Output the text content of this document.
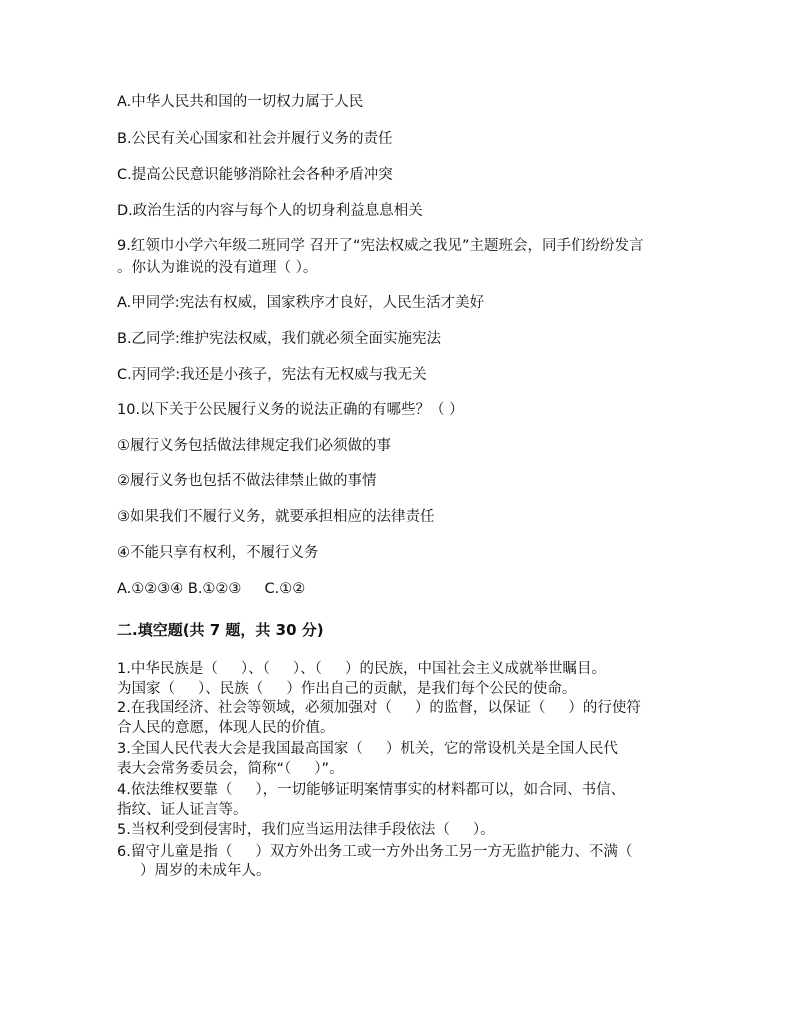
A.中华人民共和国的一切权力属于人民
B.公民有关心国家和社会并履行义务的责任
C.提高公民意识能够消除社会各种矛盾冲突
D.政治生活的内容与每个人的切身利益息息相关
9.红领巾小学六年级二班同学 召开了“宪法权威之我见”主题班会，同手们纷纷发言
。你认为谁说的没有道理（ ）。
A.甲同学:宪法有权威，国家秩序才良好，人民生活才美好
B.乙同学:维护宪法权威，我们就必须全面实施宪法
C.丙同学:我还是小孩子，宪法有无权威与我无关
10.以下关于公民履行义务的说法正确的有哪些？（ ）
①履行义务包括做法律规定我们必须做的事
②履行义务也包括不做法律禁止做的事情
③如果我们不履行义务，就要承担相应的法律责任
④不能只享有权利，不履行义务
A.①②③④ B.①②③     C.①②
二.填空题(共 7 题，共 30 分)
1.中华民族是（     ）、（     ）、（     ）的民族，中国社会主义成就举世瞩目。
为国家（     ）、民族（     ）作出自己的贡献，是我们每个公民的使命。
2.在我国经济、社会等领域，必须加强对（     ）的监督，以保证（     ）的行使符
合人民的意愿，体现人民的价值。
3.全国人民代表大会是我国最高国家（     ）机关，它的常设机关是全国人民代
表大会常务委员会，简称“（     ）”。
4.依法维权要靠（     ），一切能够证明案情事实的材料都可以，如合同、书信、
指纹、证人证言等。
5.当权利受到侵害时，我们应当运用法律手段依法（     ）。
6.留守儿童是指（     ）双方外出务工或一方外出务工另一方无监护能力、不满（
）周岁的未成年人。
